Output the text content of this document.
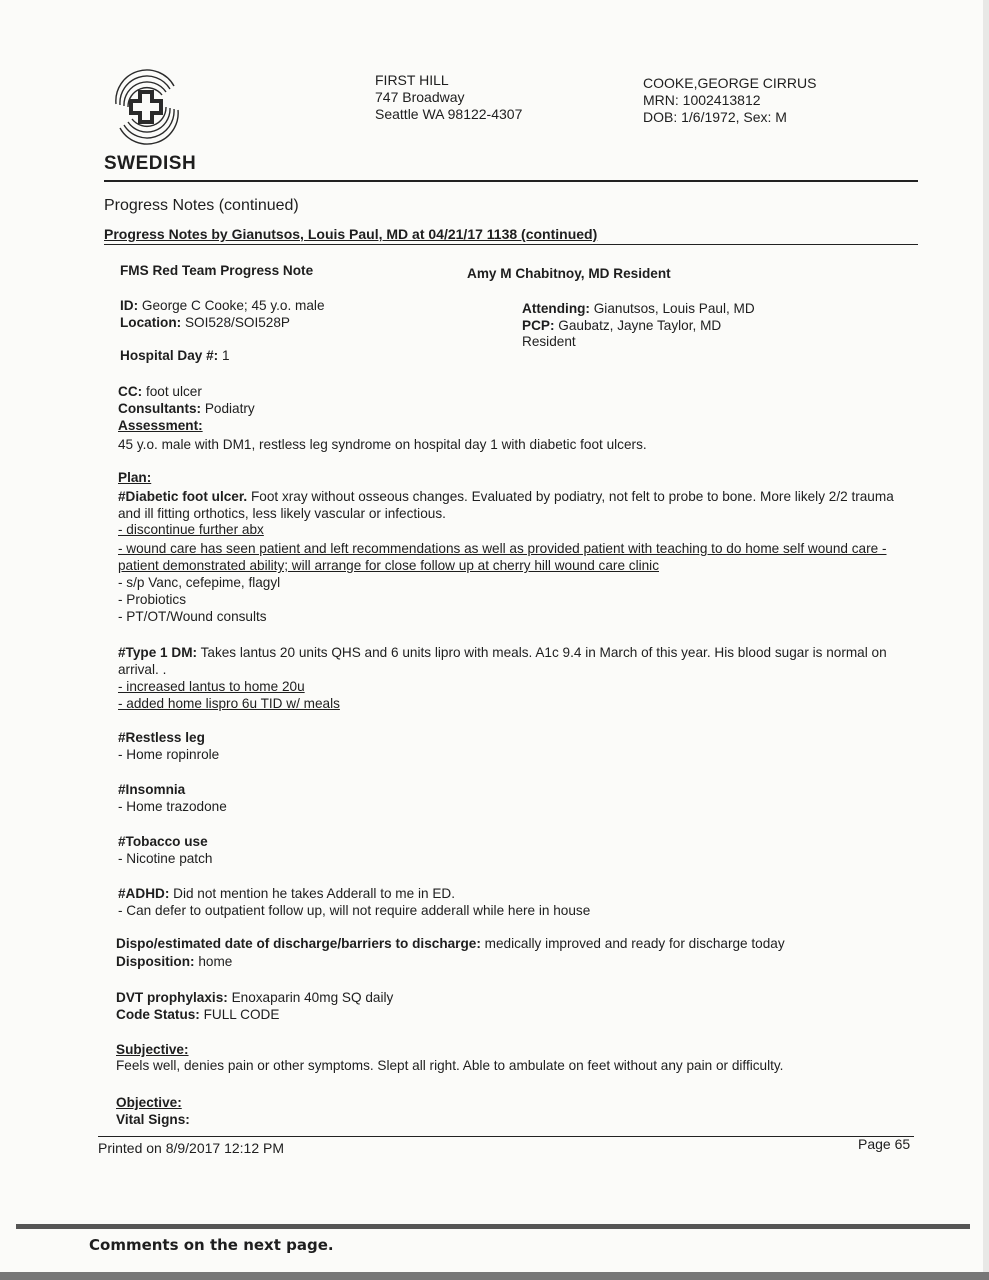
SWEDISH
FIRST HILL
747 Broadway
Seattle WA 98122-4307
COOKE,GEORGE CIRRUS
MRN: 1002413812
DOB: 1/6/1972, Sex: M
Progress Notes (continued)
Progress Notes by Gianutsos, Louis Paul, MD at 04/21/17 1138 (continued)
FMS Red Team Progress Note	Amy M Chabitnoy, MD Resident
ID: George C Cooke; 45 y.o. male
Location: SOI528/SOI528P
Attending: Gianutsos, Louis Paul, MD
PCP: Gaubatz, Jayne Taylor, MD
Resident
Hospital Day #: 1
CC: foot ulcer
Consultants: Podiatry
Assessment:
45 y.o. male with DM1, restless leg syndrome on hospital day 1 with diabetic foot ulcers.
Plan:
#Diabetic foot ulcer. Foot xray without osseous changes. Evaluated by podiatry, not felt to probe to bone. More likely 2/2 trauma and ill fitting orthotics, less likely vascular or infectious.
- discontinue further abx
- wound care has seen patient and left recommendations as well as provided patient with teaching to do home self wound care - patient demonstrated ability; will arrange for close follow up at cherry hill wound care clinic
- s/p Vanc, cefepime, flagyl
- Probiotics
- PT/OT/Wound consults
#Type 1 DM: Takes lantus 20 units QHS and 6 units lipro with meals. A1c 9.4 in March of this year. His blood sugar is normal on arrival. .
- increased lantus to home 20u
- added home lispro 6u TID w/ meals
#Restless leg
- Home ropinrole
#Insomnia
- Home trazodone
#Tobacco use
- Nicotine patch
#ADHD: Did not mention he takes Adderall to me in ED.
- Can defer to outpatient follow up, will not require adderall while here in house
Dispo/estimated date of discharge/barriers to discharge: medically improved and ready for discharge today
Disposition: home
DVT prophylaxis: Enoxaparin 40mg SQ daily
Code Status: FULL CODE
Subjective:
Feels well, denies pain or other symptoms. Slept all right. Able to ambulate on feet without any pain or difficulty.
Objective:
Vital Signs:
Printed on 8/9/2017 12:12 PM	Page 65
Comments on the next page.
